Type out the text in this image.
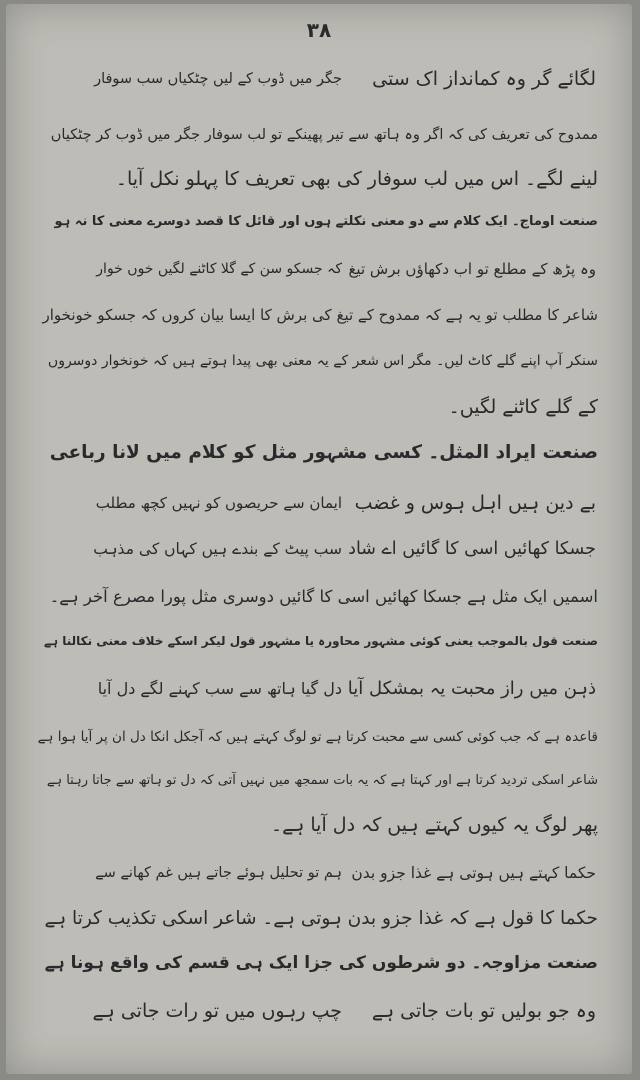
۳۸
لگائے گر وہ کمانداز اک ستی
جگر میں ڈوب کے لیں چٹکیاں سب سوفار
ممدوح کی تعریف کی کہ اگر وہ ہاتھ سے تیر پھینکے تو لب سوفار جگر میں ڈوب کر چٹکیاں
لینے لگے۔ اس میں لب سوفار کی بھی تعریف کا پہلو نکل آیا۔
صنعت اوماج۔ ایک کلام سے دو معنی نکلتے ہوں اور قائل کا قصد دوسرے معنی کا نہ ہو
وہ پڑھ کے مطلع تو اب دکھاؤں برش تیغ
کہ جسکو سن کے گلا کاٹنے لگیں خوں خوار
شاعر کا مطلب تو یہ ہے کہ ممدوح کے تیغ کی برش کا ایسا بیان کروں کہ جسکو خونخوار
سنکر آپ اپنے گلے کاٹ لیں۔ مگر اس شعر کے یہ معنی بھی پیدا ہوتے ہیں کہ خونخوار دوسروں
کے گلے کاٹنے لگیں۔
صنعت ایراد المثل۔ کسی مشہور مثل کو کلام میں لانا رباعی
بے دین ہیں اہل ہوس و غضب
ایمان سے حریصوں کو نہیں کچھ مطلب
جسکا کھائیں اسی کا گائیں اے شاد
سب پیٹ کے بندے ہیں کہاں کی مذہب
اسمیں ایک مثل ہے جسکا کھائیں اسی کا گائیں دوسری مثل پورا مصرع آخر ہے۔
صنعت قول بالموجب یعنی کوئی مشہور محاورہ یا مشہور قول لیکر اسکے خلاف معنی نکالنا ہے
ذہن میں راز محبت یہ بمشکل آیا
دل گیا ہاتھ سے سب کہنے لگے دل آیا
قاعدہ ہے کہ جب کوئی کسی سے محبت کرتا ہے تو لوگ کہتے ہیں کہ آجکل انکا دل ان پر آیا ہوا ہے
شاعر اسکی تردید کرتا ہے اور کہتا ہے کہ یہ بات سمجھ میں نہیں آتی کہ دل تو ہاتھ سے جاتا رہتا ہے
پھر لوگ یہ کیوں کہتے ہیں کہ دل آیا ہے۔
حکما کہتے ہیں ہوتی ہے غذا جزو بدن
ہم تو تحلیل ہوئے جاتے ہیں غم کھانے سے
حکما کا قول ہے کہ غذا جزو بدن ہوتی ہے۔ شاعر اسکی تکذیب کرتا ہے
صنعت مزاوجہ۔ دو شرطوں کی جزا ایک ہی قسم کی واقع ہونا ہے
وہ جو بولیں تو بات جاتی ہے
چپ رہوں میں تو رات جاتی ہے
